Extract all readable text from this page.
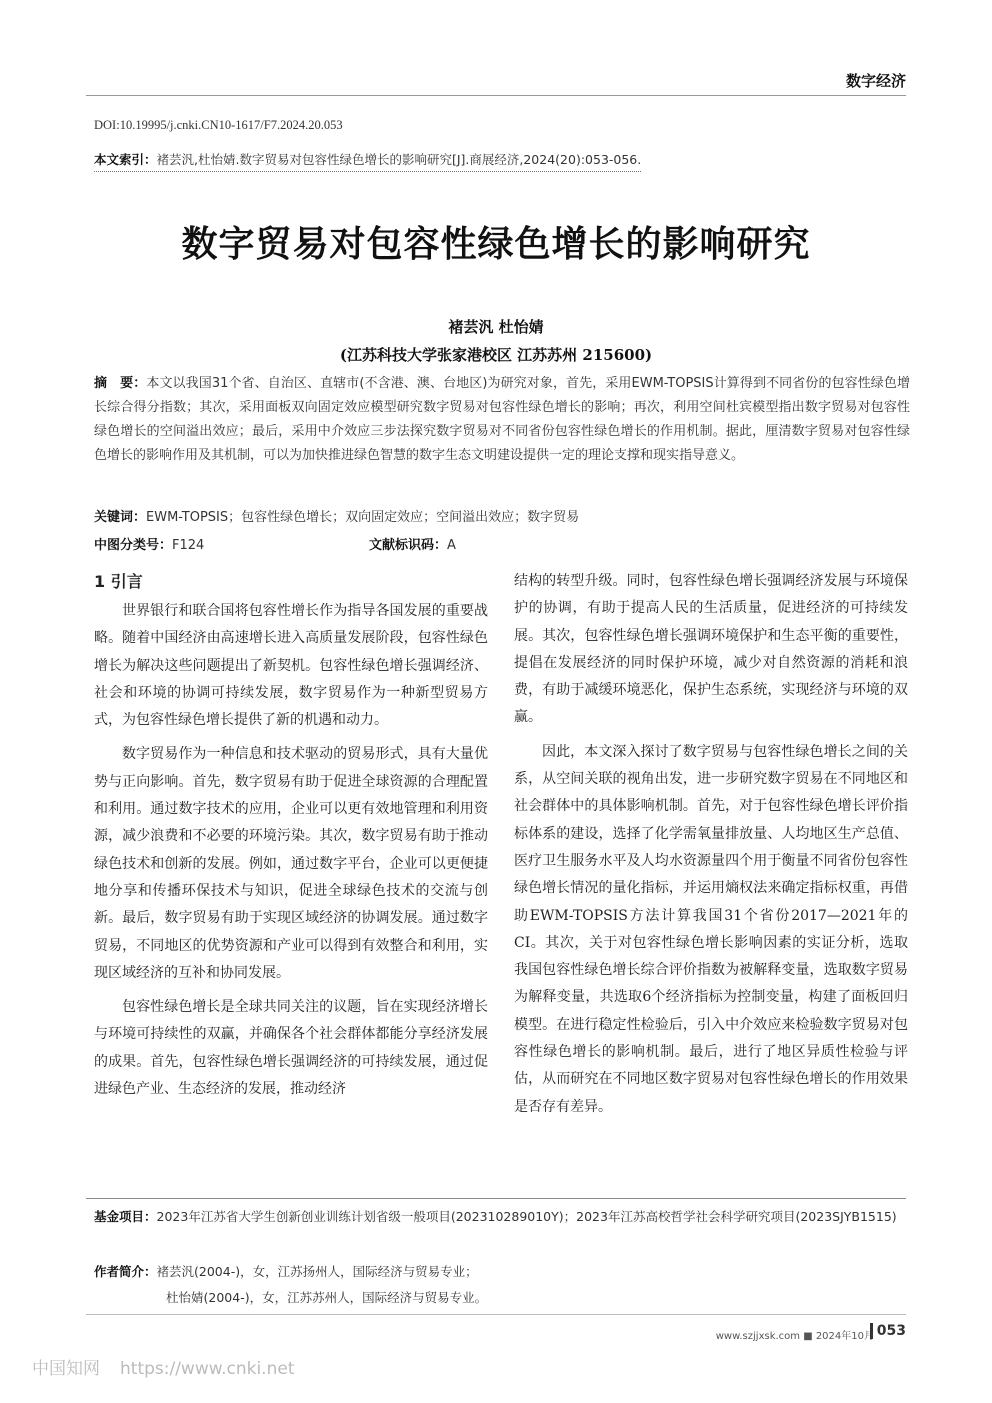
数字经济
DOI:10.19995/j.cnki.CN10-1617/F7.2024.20.053
本文索引：褚芸汎,杜怡婧.数字贸易对包容性绿色增长的影响研究[J].商展经济,2024(20):053-056.
数字贸易对包容性绿色增长的影响研究
褚芸汎 杜怡婧
(江苏科技大学张家港校区 江苏苏州 215600)
摘　要：本文以我国31个省、自治区、直辖市(不含港、澳、台地区)为研究对象，首先，采用EWM-TOPSIS计算得到不同省份的包容性绿色增长综合得分指数；其次，采用面板双向固定效应模型研究数字贸易对包容性绿色增长的影响；再次，利用空间杜宾模型指出数字贸易对包容性绿色增长的空间溢出效应；最后，采用中介效应三步法探究数字贸易对不同省份包容性绿色增长的作用机制。据此，厘清数字贸易对包容性绿色增长的影响作用及其机制，可以为加快推进绿色智慧的数字生态文明建设提供一定的理论支撑和现实指导意义。
关键词：EWM-TOPSIS；包容性绿色增长；双向固定效应；空间溢出效应；数字贸易
中图分类号：F124	文献标识码：A
1 引言

世界银行和联合国将包容性增长作为指导各国发展的重要战略。随着中国经济由高速增长进入高质量发展阶段，包容性绿色增长为解决这些问题提出了新契机。包容性绿色增长强调经济、社会和环境的协调可持续发展，数字贸易作为一种新型贸易方式，为包容性绿色增长提供了新的机遇和动力。

数字贸易作为一种信息和技术驱动的贸易形式，具有大量优势与正向影响。首先，数字贸易有助于促进全球资源的合理配置和利用。通过数字技术的应用，企业可以更有效地管理和利用资源，减少浪费和不必要的环境污染。其次，数字贸易有助于推动绿色技术和创新的发展。例如，通过数字平台，企业可以更便捷地分享和传播环保技术与知识，促进全球绿色技术的交流与创新。最后，数字贸易有助于实现区域经济的协调发展。通过数字贸易，不同地区的优势资源和产业可以得到有效整合和利用，实现区域经济的互补和协同发展。

包容性绿色增长是全球共同关注的议题，旨在实现经济增长与环境可持续性的双赢，并确保各个社会群体都能分享经济发展的成果。首先，包容性绿色增长强调经济的可持续发展，通过促进绿色产业、生态经济的发展，推动经济

结构的转型升级。同时，包容性绿色增长强调经济发展与环境保护的协调，有助于提高人民的生活质量，促进经济的可持续发展。其次，包容性绿色增长强调环境保护和生态平衡的重要性，提倡在发展经济的同时保护环境，减少对自然资源的消耗和浪费，有助于减缓环境恶化，保护生态系统，实现经济与环境的双赢。

因此，本文深入探讨了数字贸易与包容性绿色增长之间的关系，从空间关联的视角出发，进一步研究数字贸易在不同地区和社会群体中的具体影响机制。首先，对于包容性绿色增长评价指标体系的建设，选择了化学需氧量排放量、人均地区生产总值、医疗卫生服务水平及人均水资源量四个用于衡量不同省份包容性绿色增长情况的量化指标，并运用熵权法来确定指标权重，再借助EWM-TOPSIS方法计算我国31个省份2017—2021年的CI。其次，关于对包容性绿色增长影响因素的实证分析，选取我国包容性绿色增长综合评价指数为被解释变量，选取数字贸易为解释变量，共选取6个经济指标为控制变量，构建了面板回归模型。在进行稳定性检验后，引入中介效应来检验数字贸易对包容性绿色增长的影响机制。最后，进行了地区异质性检验与评估，从而研究在不同地区数字贸易对包容性绿色增长的作用效果是否存有差异。

基金项目：2023年江苏省大学生创新创业训练计划省级一般项目(202310289010Y)；2023年江苏高校哲学社会科学研究项目(2023SJYB1515)
作者简介：褚芸汎(2004-)，女，江苏扬州人，国际经济与贸易专业；
杜怡婧(2004-)，女，江苏苏州人，国际经济与贸易专业。
www.szjjxsk.com ■ 2024年10月 053
中国知网 https://www.cnki.net
